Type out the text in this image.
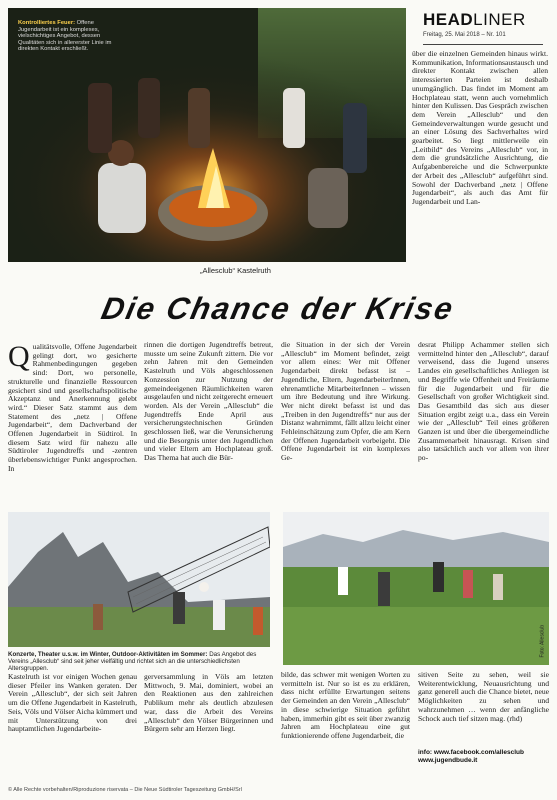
Kontrolliertes Feuer: Offene Jugendarbeit ist ein komplexes, vielschichtiges Angebot, dessen Qualitäten sich in allererster Linie im direkten Kontakt erschließt.
HEADLINER
Freitag, 25. Mai 2018 – Nr. 101

über die einzelnen Gemeinden hinaus wirkt. Kommunikation, Informationsaustausch und direkter Kontakt zwischen allen interessierten Parteien ist deshalb unumgänglich. Das findet im Moment am Hochplateau statt, wenn auch vornehmlich hinter den Kulissen. Das Gespräch zwischen dem Verein „Allesclub“ und den Gemeindeverwaltungen wurde gesucht und an einer Lösung des Sachverhaltes wird gearbeitet. So liegt mittlerweile ein „Leitbild“ des Vereins „Allesclub“ vor, in dem die grundsätzliche Ausrichtung, die Aufgabenbereiche und die Schwerpunkte der Arbeit des „Allesclub“ aufgeführt sind. Sowohl der Dachverband „netz | Offene Jugendarbeit“, als auch das Amt für Jugendarbeit und Lan-

„Allesclub“ Kastelruth
Die Chance der Krise
Q ualitätsvolle, Offene Jugendarbeit gelingt dort, wo gesicherte Rahmenbedingungen gegeben sind: Dort, wo personelle, strukturelle und finanzielle Ressourcen gesichert sind und gesellschaftspolitische Akzeptanz und Anerkennung gelebt wird.“ Dieser Satz stammt aus dem Statement des „netz | Offene Jugendarbeit“, dem Dachverband der Offenen Jugendarbeit in Südtirol. In diesem Satz wird für nahezu alle Südtiroler Jugendtreffs und -zentren überlebenswichtiger Punkt angesprochen. In

rinnen die dortigen Jugendtreffs betreut, musste um seine Zukunft zittern. Die vor zehn Jahren mit den Gemeinden Kastelruth und Völs abgeschlossenen Konzession zur Nutzung der gemeindeeigenen Räumlichkeiten waren ausgelaufen und nicht zeitgerecht erneuert worden. Als der Verein „Allesclub“ die Jugendtreffs Ende April aus versicherungstechnischen Gründen geschlossen ließ, war die Verunsicherung und die Besorgnis unter den Jugendlichen und vieler Eltern am Hochplateau groß. Das Thema hat auch die Bür-

die Situation in der sich der Verein „Allesclub“ im Moment befindet, zeigt vor allem eines: Wer mit Offener Jugendarbeit direkt befasst ist – Jugendliche, Eltern, JugendarbeiterInnen, ehrenamtliche MitarbeiterInnen – wissen um ihre Bedeutung und ihre Wirkung. Wer nicht direkt befasst ist und das „Treiben in den Jugendtreffs“ nur aus der Distanz wahrnimmt, fällt allzu leicht einer Fehleinschätzung zum Opfer, die am Kern der Offenen Jugendarbeit vorbeigeht. Die Offene Jugendarbeit ist ein komplexes Ge-

desrat Philipp Achammer stellen sich vermittelnd hinter den „Allesclub“, darauf verweisend, dass die Jugend unseres Landes ein gesellschaftliches Anliegen ist und Begriffe wie Offenheit und Freiräume für die Jugendarbeit und für die Gesellschaft von großer Wichtigkeit sind. Das Gesamtbild das sich aus dieser Situation ergibt zeigt u.a., dass ein Verein wie der „Allesclub“ Teil eines größeren Ganzen ist und über die übergemeindliche Zusammenarbeit hinausragt. Krisen sind also tatsächlich auch vor allem von ihrer po-

Foto: Allesclub
Konzerte, Theater u.s.w. im Winter, Outdoor-Aktivitäten im Sommer: Das Angebot des Vereins „Allesclub“ sind seit jeher vielfältig und richtet sich an die unterschiedlichsten Altersgruppen.

Kastelruth ist vor einigen Wochen genau dieser Pfeiler ins Wanken geraten. Der Verein „Allesclub“, der sich seit Jahren um die Offene Jugendarbeit in Kastelruth, Seis, Völs und Völser Aicha kümmert und mit Unterstützung von drei hauptamtlichen Jugendarbeite-

gerversammlung in Völs am letzten Mittwoch, 9. Mai, dominiert, wobei an den Reaktionen aus den zahlreichen Publikum mehr als deutlich abzulesen war, dass die Arbeit des Vereins „Allesclub“ den Völser Bürgerinnen und Bürgern sehr am Herzen liegt.

bilde, das schwer mit wenigen Worten zu vermitteln ist. Nur so ist es zu erklären, dass nicht erfüllte Erwartungen seitens der Gemeinden an den Verein „Allesclub“ in diese schwierige Situation geführt haben, immerhin gibt es seit über zwanzig Jahren am Hochplateau eine gut funktionierende offene Jugendarbeit, die

sitiven Seite zu sehen, weil sie Weiterentwicklung, Neuausrichtung und ganz generell auch die Chance bietet, neue Möglichkeiten zu sehen und wahrzunehmen … wenn der anfängliche Schock auch tief sitzen mag. (rhd)

info: www.facebook.com/allesclub
www.jugendbude.it
© Alle Rechte vorbehalten/Riproduzione riservata – Die Neue Südtiroler Tageszeitung GmbH/Srl
